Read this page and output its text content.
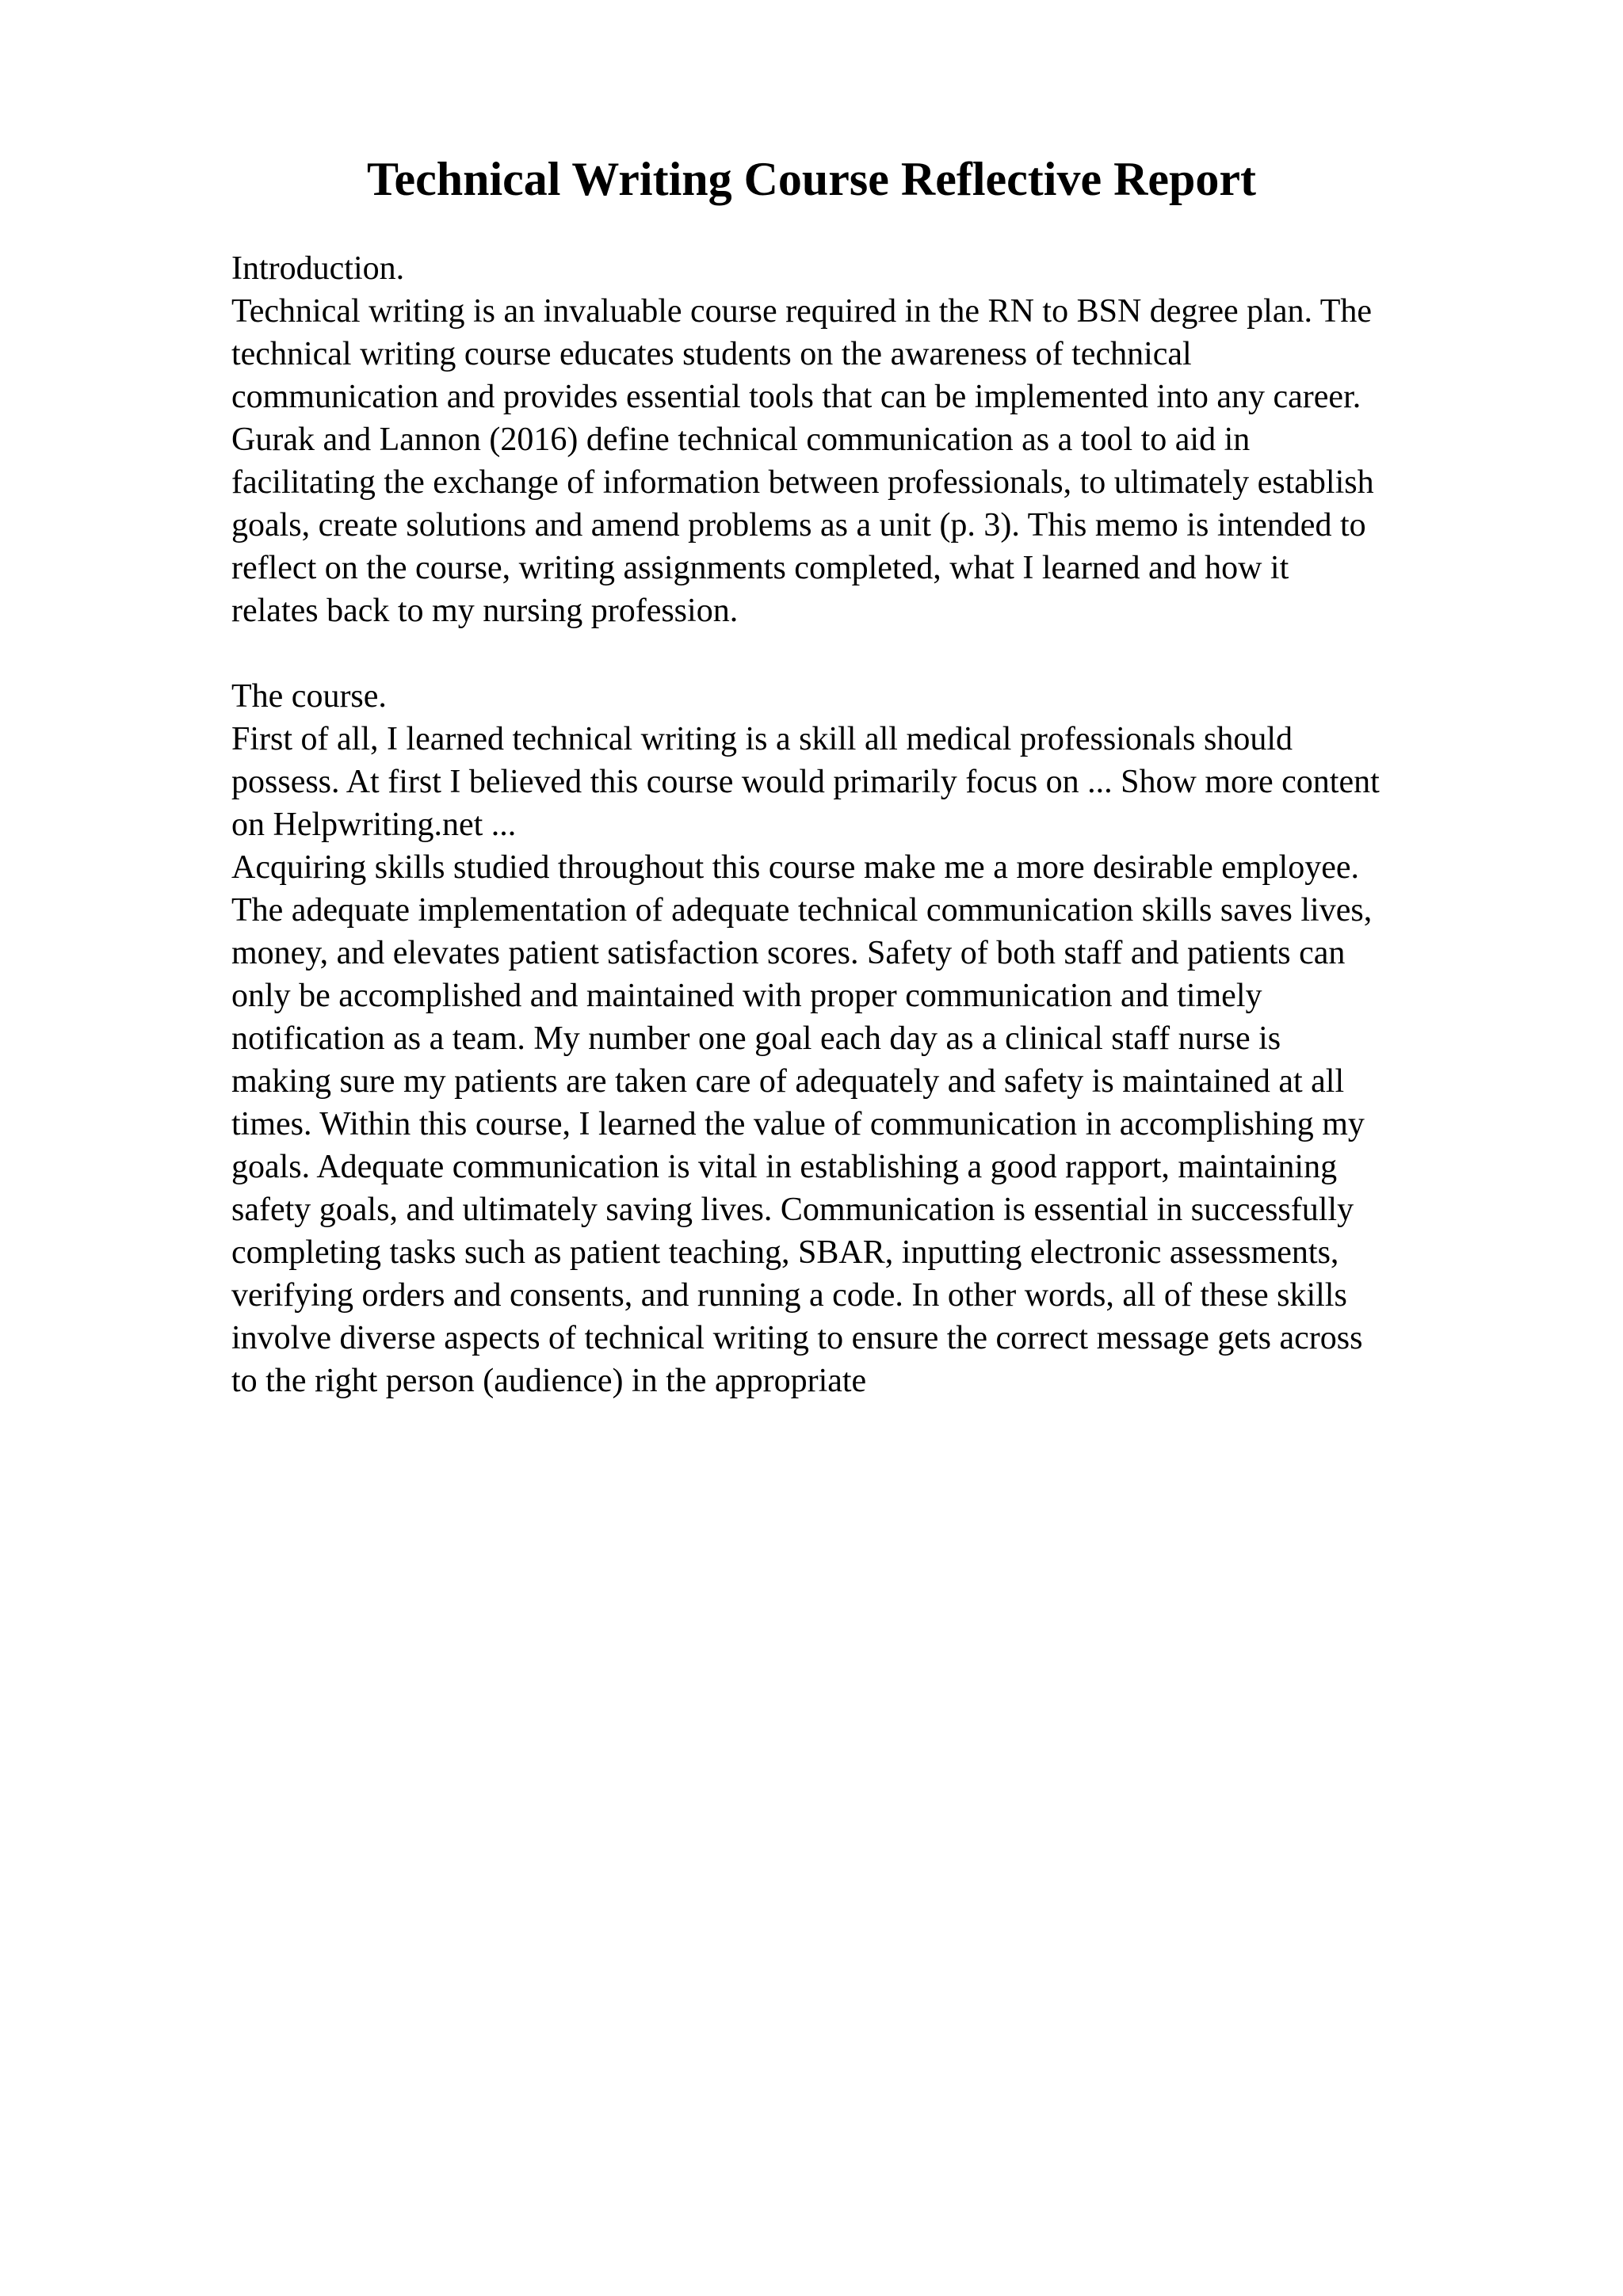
Technical Writing Course Reflective Report
Introduction.
Technical writing is an invaluable course required in the RN to BSN degree plan. The
technical writing course educates students on the awareness of technical
communication and provides essential tools that can be implemented into any career.
Gurak and Lannon (2016) define technical communication as a tool to aid in
facilitating the exchange of information between professionals, to ultimately establish
goals, create solutions and amend problems as a unit (p. 3). This memo is intended to
reflect on the course, writing assignments completed, what I learned and how it
relates back to my nursing profession.
The course.
First of all, I learned technical writing is a skill all medical professionals should
possess. At first I believed this course would primarily focus on ... Show more content
on Helpwriting.net ...
Acquiring skills studied throughout this course make me a more desirable employee.
The adequate implementation of adequate technical communication skills saves lives,
money, and elevates patient satisfaction scores. Safety of both staff and patients can
only be accomplished and maintained with proper communication and timely
notification as a team. My number one goal each day as a clinical staff nurse is
making sure my patients are taken care of adequately and safety is maintained at all
times. Within this course, I learned the value of communication in accomplishing my
goals. Adequate communication is vital in establishing a good rapport, maintaining
safety goals, and ultimately saving lives. Communication is essential in successfully
completing tasks such as patient teaching, SBAR, inputting electronic assessments,
verifying orders and consents, and running a code. In other words, all of these skills
involve diverse aspects of technical writing to ensure the correct message gets across
to the right person (audience) in the appropriate
